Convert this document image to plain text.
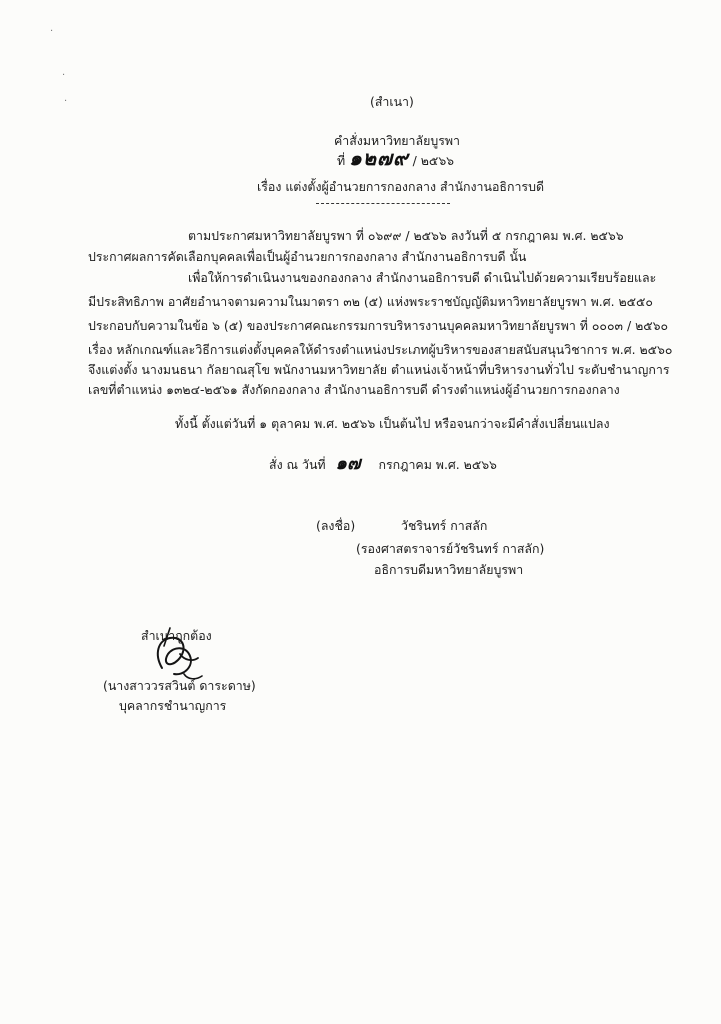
·
·
·	(สำเนา)
คำสั่งมหาวิทยาลัยบูรพา
ที่ ๑๒๗๙ / ๒๕๖๖
เรื่อง แต่งตั้งผู้อำนวยการกองกลาง สำนักงานอธิการบดี
ตามประกาศมหาวิทยาลัยบูรพา ที่ ๐๖๙๙ / ๒๕๖๖ ลงวันที่ ๕ กรกฎาคม พ.ศ. ๒๕๖๖
ประกาศผลการคัดเลือกบุคคลเพื่อเป็นผู้อำนวยการกองกลาง สำนักงานอธิการบดี นั้น
เพื่อให้การดำเนินงานของกองกลาง สำนักงานอธิการบดี ดำเนินไปด้วยความเรียบร้อยและ
มีประสิทธิภาพ อาศัยอำนาจตามความในมาตรา ๓๒ (๕) แห่งพระราชบัญญัติมหาวิทยาลัยบูรพา พ.ศ. ๒๕๕๐
ประกอบกับความในข้อ ๖ (๕) ของประกาศคณะกรรมการบริหารงานบุคคลมหาวิทยาลัยบูรพา ที่ ๐๐๐๓ / ๒๕๖๐
เรื่อง หลักเกณฑ์และวิธีการแต่งตั้งบุคคลให้ดำรงตำแหน่งประเภทผู้บริหารของสายสนับสนุนวิชาการ พ.ศ. ๒๕๖๐
จึงแต่งตั้ง นางมนธนา กัลยาณสุโข พนักงานมหาวิทยาลัย ตำแหน่งเจ้าหน้าที่บริหารงานทั่วไป ระดับชำนาญการ
เลขที่ตำแหน่ง ๑๓๒๔-๒๕๖๑ สังกัดกองกลาง สำนักงานอธิการบดี ดำรงตำแหน่งผู้อำนวยการกองกลาง
ทั้งนี้ ตั้งแต่วันที่ ๑ ตุลาคม พ.ศ. ๒๕๖๖ เป็นต้นไป หรือจนกว่าจะมีคำสั่งเปลี่ยนแปลง
สั่ง ณ วันที่ ๑๗ กรกฎาคม พ.ศ. ๒๕๖๖
(ลงชื่อ)	วัชรินทร์ กาสลัก
(รองศาสตราจารย์วัชรินทร์ กาสลัก)
อธิการบดีมหาวิทยาลัยบูรพา
สำเนาถูกต้อง
(นางสาววรสวินต์ ดาระดาษ)
บุคลากรชำนาญการ
